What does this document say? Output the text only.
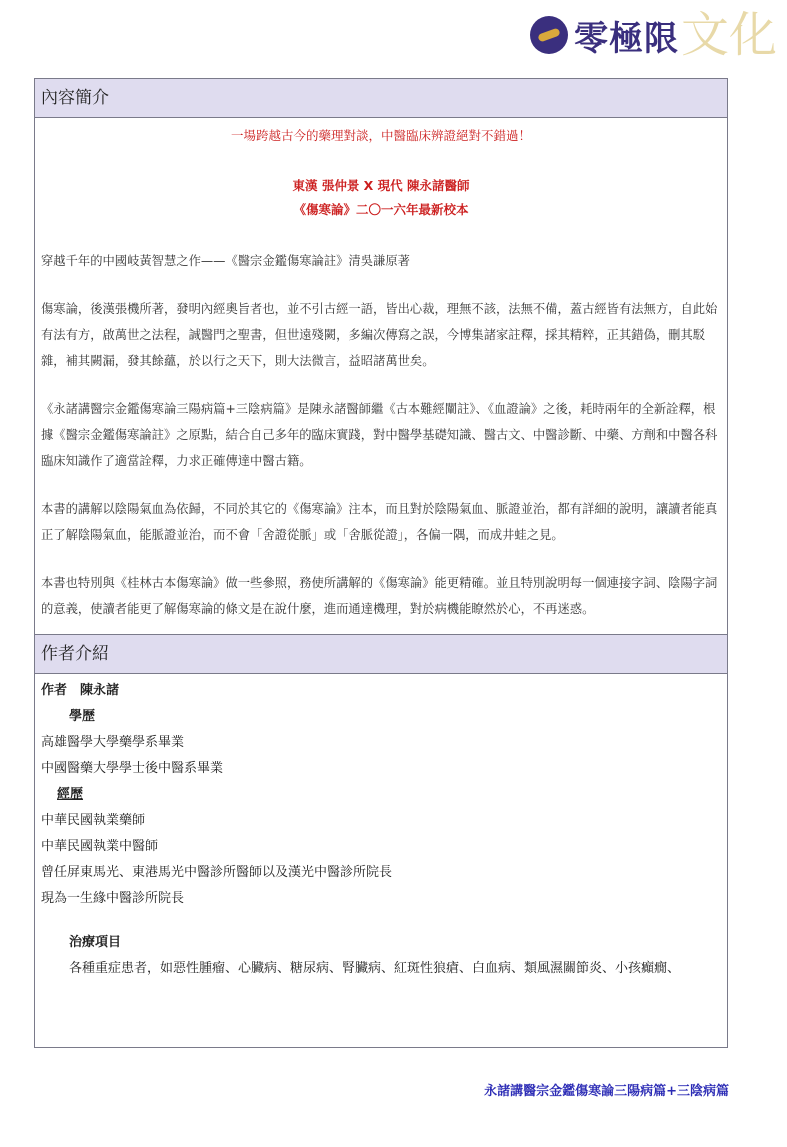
零極限 文化
內容簡介

一場跨越古今的藥理對談，中醫臨床辨證絕對不錯過！

東漢 張仲景 X 現代 陳永諸醫師

《傷寒論》二〇一六年最新校本

穿越千年的中國岐黃智慧之作——《醫宗金鑑傷寒論註》清吳謙原著

傷寒論，後漢張機所著，發明內經奧旨者也，並不引古經一語，皆出心裁，理無不該，法無不備，蓋古經皆有法無方，自此始有法有方，啟萬世之法程，誠醫門之聖書，但世遠殘闕，多編次傳寫之誤，今博集諸家註釋，採其精粹，正其錯偽，刪其駁雜，補其闕漏，發其餘蘊，於以行之天下，則大法微言，益昭諸萬世矣。

《永諸講醫宗金鑑傷寒論三陽病篇+三陰病篇》是陳永諸醫師繼《古本難經闡註》、《血證論》之後，耗時兩年的全新詮釋，根據《醫宗金鑑傷寒論註》之原點，結合自己多年的臨床實踐，對中醫學基礎知識、醫古文、中醫診斷、中藥、方劑和中醫各科臨床知識作了適當詮釋，力求正確傳達中醫古籍。

本書的講解以陰陽氣血為依歸，不同於其它的《傷寒論》注本，而且對於陰陽氣血、脈證並治，都有詳細的說明，讓讀者能真正了解陰陽氣血，能脈證並治，而不會「舍證從脈」或「舍脈從證」，各偏一隅，而成井蛙之見。

本書也特別與《桂林古本傷寒論》做一些參照，務使所講解的《傷寒論》能更精確。並且特別說明每一個連接字詞、陰陽字詞的意義，使讀者能更了解傷寒論的條文是在說什麼，進而通達機理，對於病機能瞭然於心，不再迷惑。

作者介紹

作者　陳永諸

學歷

高雄醫學大學藥學系畢業

中國醫藥大學學士後中醫系畢業

經歷

中華民國執業藥師

中華民國執業中醫師

曾任屏東馬光、東港馬光中醫診所醫師以及漢光中醫診所院長

現為一生緣中醫診所院長

治療項目

各種重症患者，如惡性腫瘤、心臟病、糖尿病、腎臟病、紅斑性狼瘡、白血病、類風濕關節炎、小孩癲癇、

永諸講醫宗金鑑傷寒論三陽病篇+三陰病篇
